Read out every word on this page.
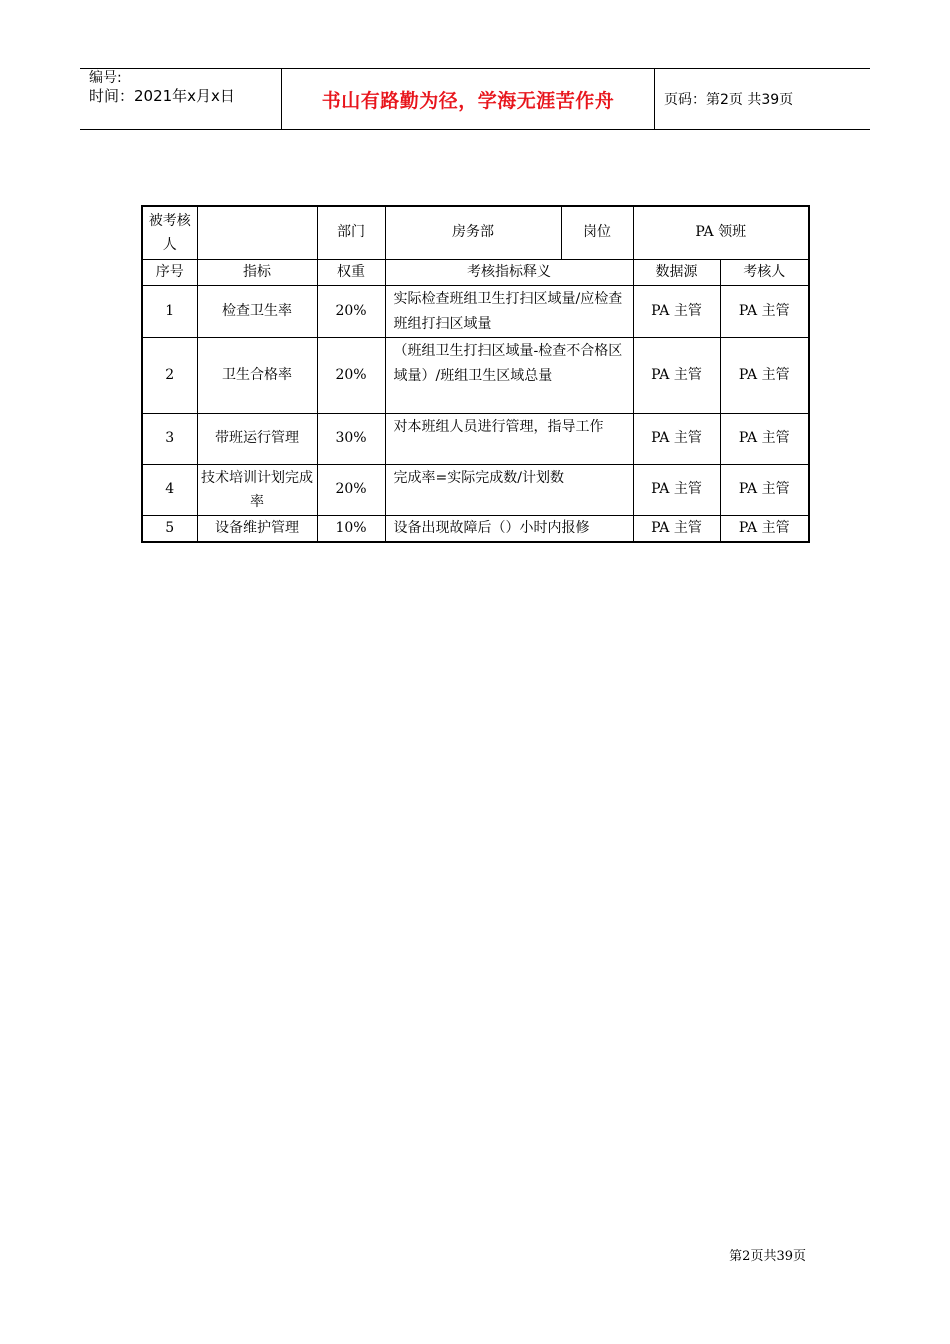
编号:
时间：2021年x月x日	书山有路勤为径，学海无涯苦作舟	页码：第2页 共39页
被考核人		部门	房务部	岗位	PA 领班	
序号	指标	权重	考核指标释义		数据源	考核人
1	检查卫生率	20%	实际检查班组卫生打扫区域量/应检查班组打扫区域量		PA 主管	PA 主管
2	卫生合格率	20%	（班组卫生打扫区域量-检查不合格区域量）/班组卫生区域总量		PA 主管	PA 主管
3	带班运行管理	30%	对本班组人员进行管理，指导工作		PA 主管	PA 主管
4	技术培训计划完成率	20%	完成率=实际完成数/计划数		PA 主管	PA 主管
5	设备维护管理	10%	设备出现故障后（）小时内报修		PA 主管	PA 主管
第2页共39页
